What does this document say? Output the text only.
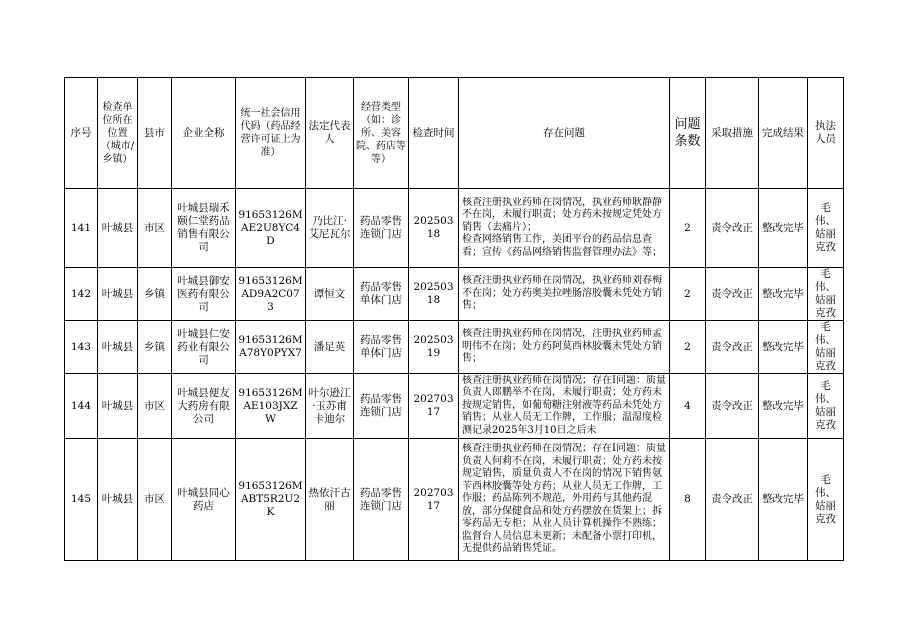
序号	检查单位所在位置（城市/乡镇）	县市	企业全称	统一社会信用代码（药品经营许可证上为准）	法定代表人	经营类型（如：诊所、美容院、药店等等）	检查时间	存在问题	问题条数	采取措施	完成结果	执法人员
141	叶城县	市区	叶城县瑞禾颐仁堂药品销售有限公司	91653126MAE2U8YC4D	乃比江·艾尼瓦尔	药品零售连锁门店	20250318	核查注册执业药师在岗情况，执业药师耿静静不在岗，未履行职责；处方药未按规定凭处方销售（去痛片）；
检查网络销售工作，美团平台的药品信息查看；宣传《药品网络销售监督管理办法》等；	2	责令改正	整改完毕	毛伟、姑丽克孜
142	叶城县	乡镇	叶城县御安医药有限公司	91653126MAD9A2C073	谭恒文	药品零售单体门店	20250318	核查注册执业药师在岗情况，执业药师刘春梅不在岗；处方药奥美拉唑肠溶胶囊未凭处方销售；	2	责令改正	整改完毕	毛伟、姑丽克孜
143	叶城县	乡镇	叶城县仁安药业有限公司	91653126MA78Y0PYX7	潘足英	药品零售单体门店	20250319	核查注册执业药师在岗情况，注册执业药师孟明伟不在岗；处方药阿莫西林胶囊未凭处方销售；	2	责令改正	整改完毕	毛伟、姑丽克孜
144	叶城县	市区	叶城县便友大药房有限公司	91653126MAE103JXZW	叶尔逊江·玉苏甫卡迪尔	药品零售连锁门店	20270317	核查注册执业药师在岗情况；存在I问题：质量负责人郎鹏举不在岗，未履行职责；处方药未按规定销售，如葡萄糖注射液等药品未凭处方销售；从业人员无工作牌，工作服；温湿度检测记录2025年3月10日之后未	4	责令改正	整改完毕	毛伟、姑丽克孜
145	叶城县	市区	叶城县同心药店	91653126MABT5R2U2K	热依汗古丽	药品零售连锁门店	20270317	核查注册执业药师在岗情况；存在I问题：质量负责人何莉不在岗，未履行职责；处方药未按规定销售，质量负责人不在岗的情况下销售氨苄西林胶囊等处方药；从业人员无工作牌，工作服；药品陈列不规范，外用药与其他药混放，部分保健食品和处方药摆放在货架上；拆零药品无专柜；从业人员计算机操作不熟练；监督台人员信息未更新；未配备小票打印机，无提供药品销售凭证。	8	责令改正	整改完毕	毛伟、姑丽克孜
